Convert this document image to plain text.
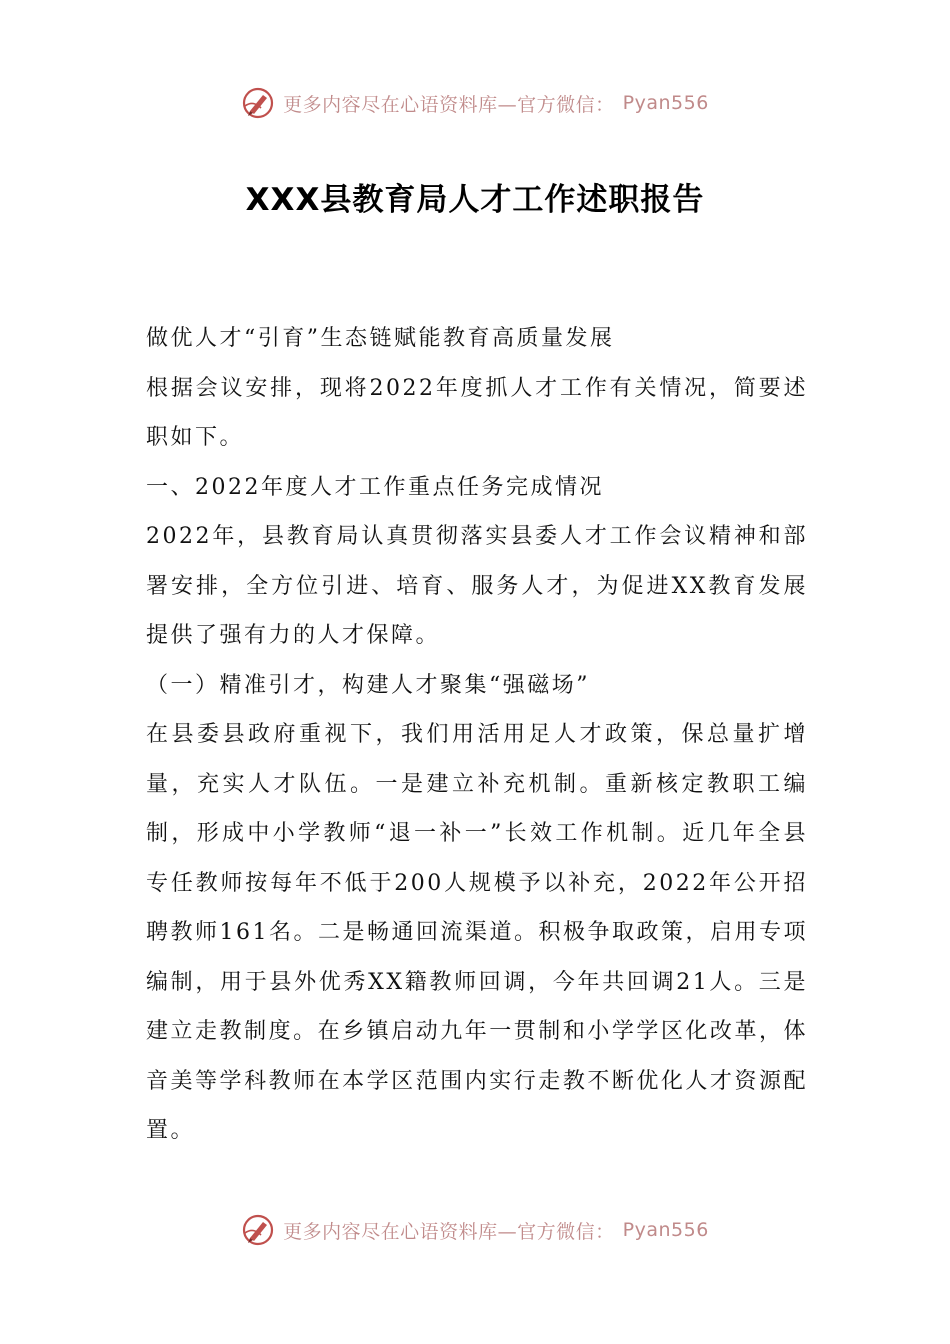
更多内容尽在心语资料库—官方微信： Pyan556
XXX县教育局人才工作述职报告

做优人才“引育”生态链赋能教育高质量发展

根据会议安排，现将2022年度抓人才工作有关情况，简要述职如下。

一、2022年度人才工作重点任务完成情况

2022年，县教育局认真贯彻落实县委人才工作会议精神和部署安排，全方位引进、培育、服务人才，为促进XX教育发展提供了强有力的人才保障。

（一）精准引才，构建人才聚集“强磁场”

在县委县政府重视下，我们用活用足人才政策，保总量扩增量，充实人才队伍。一是建立补充机制。重新核定教职工编制，形成中小学教师“退一补一”长效工作机制。近几年全县专任教师按每年不低于200人规模予以补充，2022年公开招聘教师161名。二是畅通回流渠道。积极争取政策，启用专项编制，用于县外优秀XX籍教师回调，今年共回调21人。三是建立走教制度。在乡镇启动九年一贯制和小学学区化改革，体音美等学科教师在本学区范围内实行走教不断优化人才资源配置。

更多内容尽在心语资料库—官方微信： Pyan556
